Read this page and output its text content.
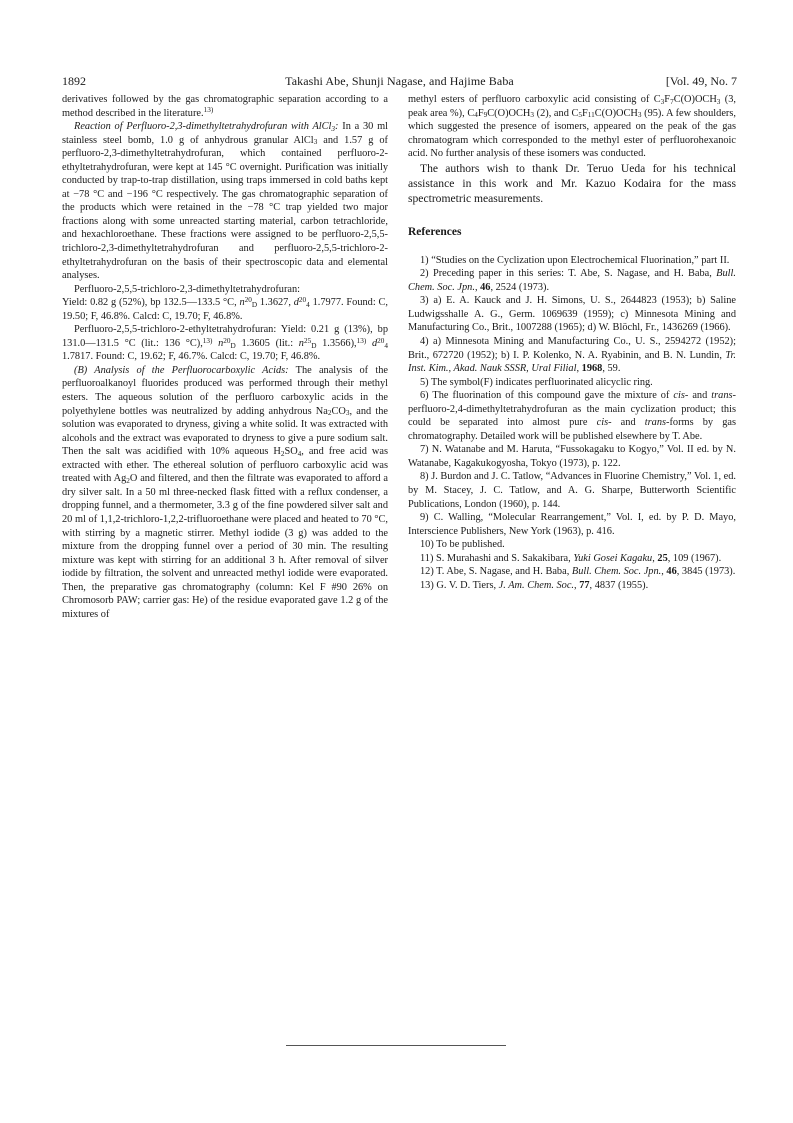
1892	Takashi Abe, Shunji Nagase, and Hajime Baba	[Vol. 49, No. 7

derivatives followed by the gas chromatographic separation according to a method described in the literature.$^{13)}$

Reaction of Perfluoro-2,3-dimethyltetrahydrofuran with AlCl$_3$: In a 30 ml stainless steel bomb, 1.0 g of anhydrous granular AlCl$_3$ and 1.57 g of perfluoro-2,3-dimethyltetrahydrofuran, which contained perfluoro-2-ethyltetrahydrofuran, were kept at 145 °C overnight. Purification was initially conducted by trap-to-trap distillation, using traps immersed in cold baths kept at −78 °C and −196 °C respectively. The gas chromatographic separation of the products which were retained in the −78 °C trap yielded two major fractions along with some unreacted starting material, carbon tetrachloride, and hexachloroethane. These fractions were assigned to be perfluoro-2,5,5-trichloro-2,3-dimethyltetrahydrofuran and perfluoro-2,5,5-trichloro-2-ethyltetrahydrofuran on the basis of their spectroscopic data and elemental analyses.

Perfluoro-2,5,5-trichloro-2,3-dimethyltetrahydrofuran:

Yield: 0.82 g (52%), bp 132.5—133.5 °C, $n^{20}_D$ 1.3627, $d^{20}_4$ 1.7977. Found: C, 19.50; F, 46.8%. Calcd: C, 19.70; F, 46.8%.

Perfluoro-2,5,5-trichloro-2-ethyltetrahydrofuran: Yield: 0.21 g (13%), bp 131.0—131.5 °C (lit.: 136 °C),$^{13)}$ $n^{20}_D$ 1.3605 (lit.: $n^{25}_D$ 1.3566),$^{13)}$ $d^{20}_4$ 1.7817. Found: C, 19.62; F, 46.7%. Calcd: C, 19.70; F, 46.8%.

(B) Analysis of the Perfluorocarboxylic Acids: The analysis of the perfluoroalkanoyl fluorides produced was performed through their methyl esters. The aqueous solution of the perfluoro carboxylic acids in the polyethylene bottles was neutralized by adding anhydrous $Na_2CO_3$, and the solution was evaporated to dryness, giving a white solid. It was extracted with alcohols and the extract was evaporated to dryness to give a pure sodium salt. Then the salt was acidified with 10% aqueous $H_2SO_4$, and free acid was extracted with ether. The ethereal solution of perfluoro carboxylic acid was treated with $Ag_2O$ and filtered, and then the filtrate was evaporated to afford a dry silver salt. In a 50 ml three-necked flask fitted with a reflux condenser, a dropping funnel, and a thermometer, 3.3 g of the fine powdered silver salt and 20 ml of 1,1,2-trichloro-1,2,2-trifluoroethane were placed and heated to 70 °C, with stirring by a magnetic stirrer. Methyl iodide (3 g) was added to the mixture from the dropping funnel over a period of 30 min. The resulting mixture was kept with stirring for an additional 3 h. After removal of silver iodide by filtration, the solvent and unreacted methyl iodide were evaporated. Then, the preparative gas chromatography (column: Kel F #90 26% on Chromosorb PAW; carrier gas: He) of the residue evaporated gave 1.2 g of the mixtures of

methyl esters of perfluoro carboxylic acid consisting of $C_3F_7C(O)OCH_3$ (3, peak area %), $C_4F_9C(O)OCH_3$ (2), and $C_5F_{11}C(O)OCH_3$ (95). A few shoulders, which suggested the presence of isomers, appeared on the peak of the gas chromatogram which corresponded to the methyl ester of perfluorohexanoic acid. No further analysis of these isomers was conducted.

The authors wish to thank Dr. Teruo Ueda for his technical assistance in this work and Mr. Kazuo Kodaira for the mass spectrometric measurements.

References

1) “Studies on the Cyclization upon Electrochemical Fluorination,” part II.

2) Preceding paper in this series: T. Abe, S. Nagase, and H. Baba, Bull. Chem. Soc. Jpn., 46, 2524 (1973).

3) a) E. A. Kauck and J. H. Simons, U. S., 2644823 (1953); b) Saline Ludwigsshalle A. G., Germ. 1069639 (1959); c) Minnesota Mining and Manufacturing Co., Brit., 1007288 (1965); d) W. Blöchl, Fr., 1436269 (1966).

4) a) Minnesota Mining and Manufacturing Co., U. S., 2594272 (1952); Brit., 672720 (1952); b) I. P. Kolenko, N. A. Ryabinin, and B. N. Lundin, Tr. Inst. Kim., Akad. Nauk SSSR, Ural Filial, 1968, 59.

5) The symbol(F) indicates perfluorinated alicyclic ring.

6) The fluorination of this compound gave the mixture of cis- and trans-perfluoro-2,4-dimethyltetrahydrofuran as the main cyclization product; this could be separated into almost pure cis- and trans-forms by gas chromatography. Detailed work will be published elsewhere by T. Abe.

7) N. Watanabe and M. Haruta, “Fussokagaku to Kogyo,” Vol. II ed. by N. Watanabe, Kagakukogyosha, Tokyo (1973), p. 122.

8) J. Burdon and J. C. Tatlow, “Advances in Fluorine Chemistry,” Vol. 1, ed. by M. Stacey, J. C. Tatlow, and A. G. Sharpe, Butterworth Scientific Publications, London (1960), p. 144.

9) C. Walling, “Molecular Rearrangement,” Vol. I, ed. by P. D. Mayo, Interscience Publishers, New York (1963), p. 416.

10) To be published.

11) S. Murahashi and S. Sakakibara, Yuki Gosei Kagaku, 25, 109 (1967).

12) T. Abe, S. Nagase, and H. Baba, Bull. Chem. Soc. Jpn., 46, 3845 (1973).

13) G. V. D. Tiers, J. Am. Chem. Soc., 77, 4837 (1955).
